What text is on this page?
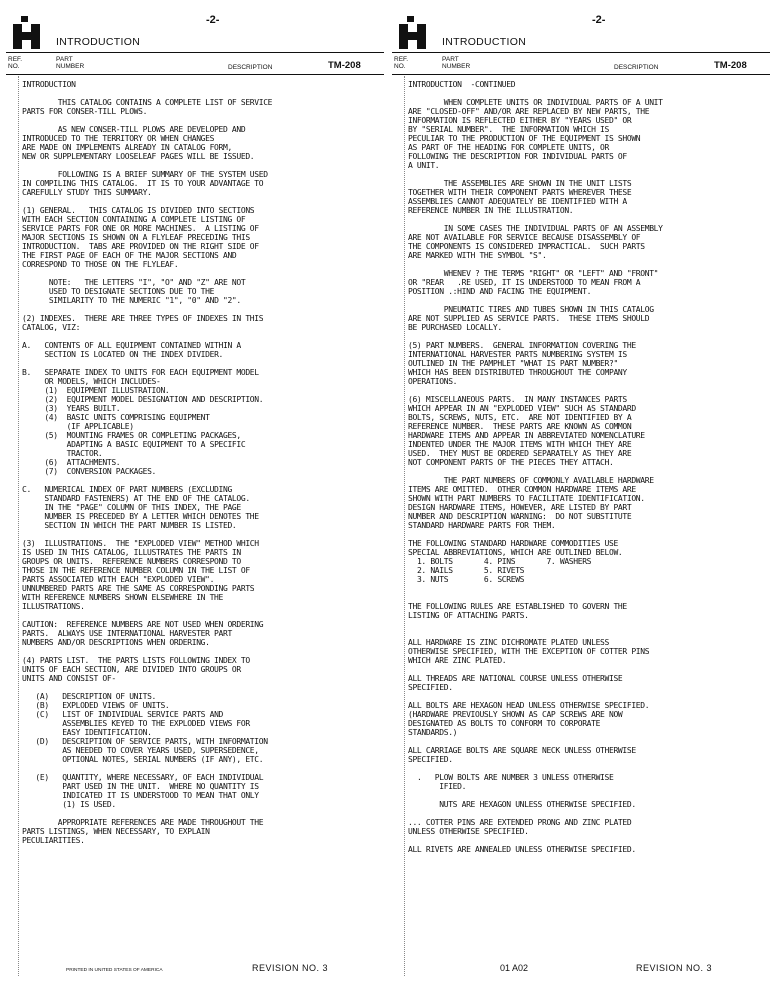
INTRODUCTION
-2-
REF.
NO.
PART
NUMBER	DESCRIPTION	TM-208

INTRODUCTION

THIS CATALOG CONTAINS A COMPLETE LIST OF SERVICE
PARTS FOR CONSER-TILL PLOWS.

AS NEW CONSER-TILL PLOWS ARE DEVELOPED AND
INTRODUCED TO THE TERRITORY OR WHEN CHANGES
ARE MADE ON IMPLEMENTS ALREADY IN CATALOG FORM,
NEW OR SUPPLEMENTARY LOOSELEAF PAGES WILL BE ISSUED.

FOLLOWING IS A BRIEF SUMMARY OF THE SYSTEM USED
IN COMPILING THIS CATALOG.  IT IS TO YOUR ADVANTAGE TO
CAREFULLY STUDY THIS SUMMARY.

(1) GENERAL.   THIS CATALOG IS DIVIDED INTO SECTIONS
WITH EACH SECTION CONTAINING A COMPLETE LISTING OF
SERVICE PARTS FOR ONE OR MORE MACHINES.  A LISTING OF
MAJOR SECTIONS IS SHOWN ON A FLYLEAF PRECEDING THIS
INTRODUCTION.  TABS ARE PROVIDED ON THE RIGHT SIDE OF
THE FIRST PAGE OF EACH OF THE MAJOR SECTIONS AND
CORRESPOND TO THOSE ON THE FLYLEAF.

NOTE:   THE LETTERS "I", "O" AND "Z" ARE NOT
USED TO DESIGNATE SECTIONS DUE TO THE
SIMILARITY TO THE NUMERIC "1", "0" AND "2".

(2) INDEXES.  THERE ARE THREE TYPES OF INDEXES IN THIS
CATALOG, VIZ:

A.   CONTENTS OF ALL EQUIPMENT CONTAINED WITHIN A
SECTION IS LOCATED ON THE INDEX DIVIDER.

B.   SEPARATE INDEX TO UNITS FOR EACH EQUIPMENT MODEL
OR MODELS, WHICH INCLUDES-
(1)  EQUIPMENT ILLUSTRATION.
(2)  EQUIPMENT MODEL DESIGNATION AND DESCRIPTION.
(3)  YEARS BUILT.
(4)  BASIC UNITS COMPRISING EQUIPMENT
(IF APPLICABLE)
(5)  MOUNTING FRAMES OR COMPLETING PACKAGES,
ADAPTING A BASIC EQUIPMENT TO A SPECIFIC
TRACTOR.
(6)  ATTACHMENTS.
(7)  CONVERSION PACKAGES.

C.   NUMERICAL INDEX OF PART NUMBERS (EXCLUDING
STANDARD FASTENERS) AT THE END OF THE CATALOG.
IN THE "PAGE" COLUMN OF THIS INDEX, THE PAGE
NUMBER IS PRECEDED BY A LETTER WHICH DENOTES THE
SECTION IN WHICH THE PART NUMBER IS LISTED.

(3)  ILLUSTRATIONS.  THE "EXPLODED VIEW" METHOD WHICH
IS USED IN THIS CATALOG, ILLUSTRATES THE PARTS IN
GROUPS OR UNITS.  REFERENCE NUMBERS CORRESPOND TO
THOSE IN THE REFERENCE NUMBER COLUMN IN THE LIST OF
PARTS ASSOCIATED WITH EACH "EXPLODED VIEW".
UNNUMBERED PARTS ARE THE SAME AS CORRESPONDING PARTS
WITH REFERENCE NUMBERS SHOWN ELSEWHERE IN THE
ILLUSTRATIONS.

CAUTION:  REFERENCE NUMBERS ARE NOT USED WHEN ORDERING
PARTS.  ALWAYS USE INTERNATIONAL HARVESTER PART
NUMBERS AND/OR DESCRIPTIONS WHEN ORDERING.

(4) PARTS LIST.  THE PARTS LISTS FOLLOWING INDEX TO
UNITS OF EACH SECTION, ARE DIVIDED INTO GROUPS OR
UNITS AND CONSIST OF-

(A)   DESCRIPTION OF UNITS.
(B)   EXPLODED VIEWS OF UNITS.
(C)   LIST OF INDIVIDUAL SERVICE PARTS AND
ASSEMBLIES KEYED TO THE EXPLODED VIEWS FOR
EASY IDENTIFICATION.
(D)   DESCRIPTION OF SERVICE PARTS, WITH INFORMATION
AS NEEDED TO COVER YEARS USED, SUPERSEDENCE,
OPTIONAL NOTES, SERIAL NUMBERS (IF ANY), ETC.

(E)   QUANTITY, WHERE NECESSARY, OF EACH INDIVIDUAL
PART USED IN THE UNIT.  WHERE NO QUANTITY IS
INDICATED IT IS UNDERSTOOD TO MEAN THAT ONLY
(1) IS USED.

APPROPRIATE REFERENCES ARE MADE THROUGHOUT THE
PARTS LISTINGS, WHEN NECESSARY, TO EXPLAIN
PECULIARITIES.

PRINTED IN UNITED STATES OF AMERICA	REVISION NO. 3
INTRODUCTION
-2-
REF.
NO.
PART
NUMBER	DESCRIPTION	TM-208

INTRODUCTION  -CONTINUED

WHEN COMPLETE UNITS OR INDIVIDUAL PARTS OF A UNIT
ARE "CLOSED-OFF" AND/OR ARE REPLACED BY NEW PARTS, THE
INFORMATION IS REFLECTED EITHER BY "YEARS USED" OR
BY "SERIAL NUMBER".  THE INFORMATION WHICH IS
PECULIAR TO THE PRODUCTION OF THE EQUIPMENT IS SHOWN
AS PART OF THE HEADING FOR COMPLETE UNITS, OR
FOLLOWING THE DESCRIPTION FOR INDIVIDUAL PARTS OF
A UNIT.

THE ASSEMBLIES ARE SHOWN IN THE UNIT LISTS
TOGETHER WITH THEIR COMPONENT PARTS WHEREVER THESE
ASSEMBLIES CANNOT ADEQUATELY BE IDENTIFIED WITH A
REFERENCE NUMBER IN THE ILLUSTRATION.

IN SOME CASES THE INDIVIDUAL PARTS OF AN ASSEMBLY
ARE NOT AVAILABLE FOR SERVICE BECAUSE DISASSEMBLY OF
THE COMPONENTS IS CONSIDERED IMPRACTICAL.  SUCH PARTS
ARE MARKED WITH THE SYMBOL "S".

WHENEV ? THE TERMS "RIGHT" OR "LEFT" AND "FRONT"
OR "REAR   .RE USED, IT IS UNDERSTOOD TO MEAN FROM A
POSITION .:HIND AND FACING THE EQUIPMENT.

PNEUMATIC TIRES AND TUBES SHOWN IN THIS CATALOG
ARE NOT SUPPLIED AS SERVICE PARTS.  THESE ITEMS SHOULD
BE PURCHASED LOCALLY.

(5) PART NUMBERS.  GENERAL INFORMATION COVERING THE
INTERNATIONAL HARVESTER PARTS NUMBERING SYSTEM IS
OUTLINED IN THE PAMPHLET "WHAT IS PART NUMBER?"
WHICH HAS BEEN DISTRIBUTED THROUGHOUT THE COMPANY
OPERATIONS.

(6) MISCELLANEOUS PARTS.  IN MANY INSTANCES PARTS
WHICH APPEAR IN AN "EXPLODED VIEW" SUCH AS STANDARD
BOLTS, SCREWS, NUTS, ETC.  ARE NOT IDENTIFIED BY A
REFERENCE NUMBER.  THESE PARTS ARE KNOWN AS COMMON
HARDWARE ITEMS AND APPEAR IN ABBREVIATED NOMENCLATURE
INDENTED UNDER THE MAJOR ITEMS WITH WHICH THEY ARE
USED.  THEY MUST BE ORDERED SEPARATELY AS THEY ARE
NOT COMPONENT PARTS OF THE PIECES THEY ATTACH.

THE PART NUMBERS OF COMMONLY AVAILABLE HARDWARE
ITEMS ARE OMITTED.  OTHER COMMON HARDWARE ITEMS ARE
SHOWN WITH PART NUMBERS TO FACILITATE IDENTIFICATION.
DESIGN HARDWARE ITEMS, HOWEVER, ARE LISTED BY PART
NUMBER AND DESCRIPTION WARNING:  DO NOT SUBSTITUTE
STANDARD HARDWARE PARTS FOR THEM.

THE FOLLOWING STANDARD HARDWARE COMMODITIES USE
SPECIAL ABBREVIATIONS, WHICH ARE OUTLINED BELOW.
1. BOLTS       4. PINS       7. WASHERS
2. NAILS       5. RIVETS
3. NUTS        6. SCREWS

THE FOLLOWING RULES ARE ESTABLISHED TO GOVERN THE
LISTING OF ATTACHING PARTS.

ALL HARDWARE IS ZINC DICHROMATE PLATED UNLESS
OTHERWISE SPECIFIED, WITH THE EXCEPTION OF COTTER PINS
WHICH ARE ZINC PLATED.

ALL THREADS ARE NATIONAL COURSE UNLESS OTHERWISE
SPECIFIED.

ALL BOLTS ARE HEXAGON HEAD UNLESS OTHERWISE SPECIFIED.
(HARDWARE PREVIOUSLY SHOWN AS CAP SCREWS ARE NOW
DESIGNATED AS BOLTS TO CONFORM TO CORPORATE
STANDARDS.)

ALL CARRIAGE BOLTS ARE SQUARE NECK UNLESS OTHERWISE
SPECIFIED.

.   PLOW BOLTS ARE NUMBER 3 UNLESS OTHERWISE
IFIED.

NUTS ARE HEXAGON UNLESS OTHERWISE SPECIFIED.

... COTTER PINS ARE EXTENDED PRONG AND ZINC PLATED
UNLESS OTHERWISE SPECIFIED.

ALL RIVETS ARE ANNEALED UNLESS OTHERWISE SPECIFIED.

01 A02	REVISION NO. 3
